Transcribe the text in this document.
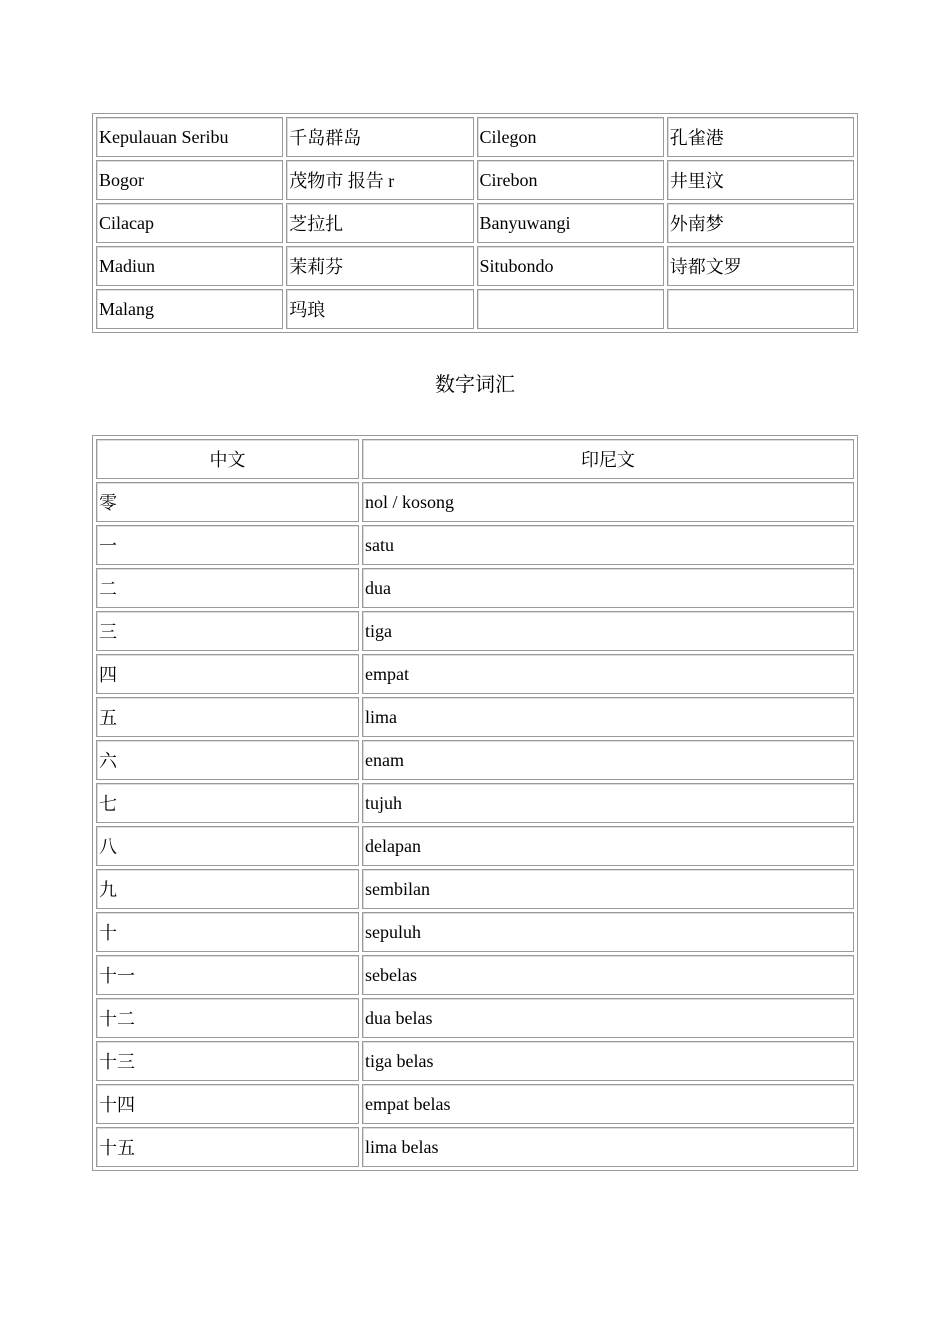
Kepulauan Seribu	千岛群岛	Cilegon	孔雀港
Bogor	茂物市 报告 r	Cirebon	井里汶
Cilacap	芝拉扎	Banyuwangi	外南梦
Madiun	茉莉芬	Situbondo	诗都文罗
Malang	玛琅		
数字词汇
中文	印尼文
零	nol / kosong
一	satu
二	dua
三	tiga
四	empat
五	lima
六	enam
七	tujuh
八	delapan
九	sembilan
十	sepuluh
十一	sebelas
十二	dua belas
十三	tiga belas
十四	empat belas
十五	lima belas
